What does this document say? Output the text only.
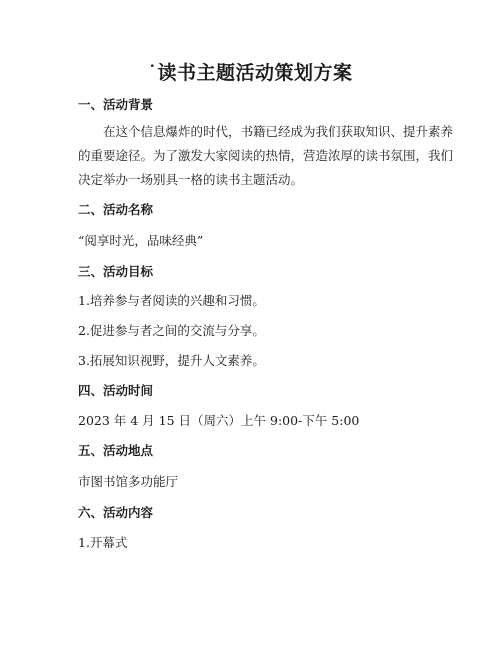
˙读书主题活动策划方案
一、活动背景
在这个信息爆炸的时代，书籍已经成为我们获取知识、提升素养
的重要途径。为了激发大家阅读的热情，营造浓厚的读书氛围，我们
决定举办一场别具一格的读书主题活动。
二、活动名称
“阅享时光，品味经典”
三、活动目标
1.培养参与者阅读的兴趣和习惯。
2.促进参与者之间的交流与分享。
3.拓展知识视野，提升人文素养。
四、活动时间
2023 年 4 月 15 日（周六）上午 9:00-下午 5:00
五、活动地点
市图书馆多功能厅
六、活动内容
1.开幕式
